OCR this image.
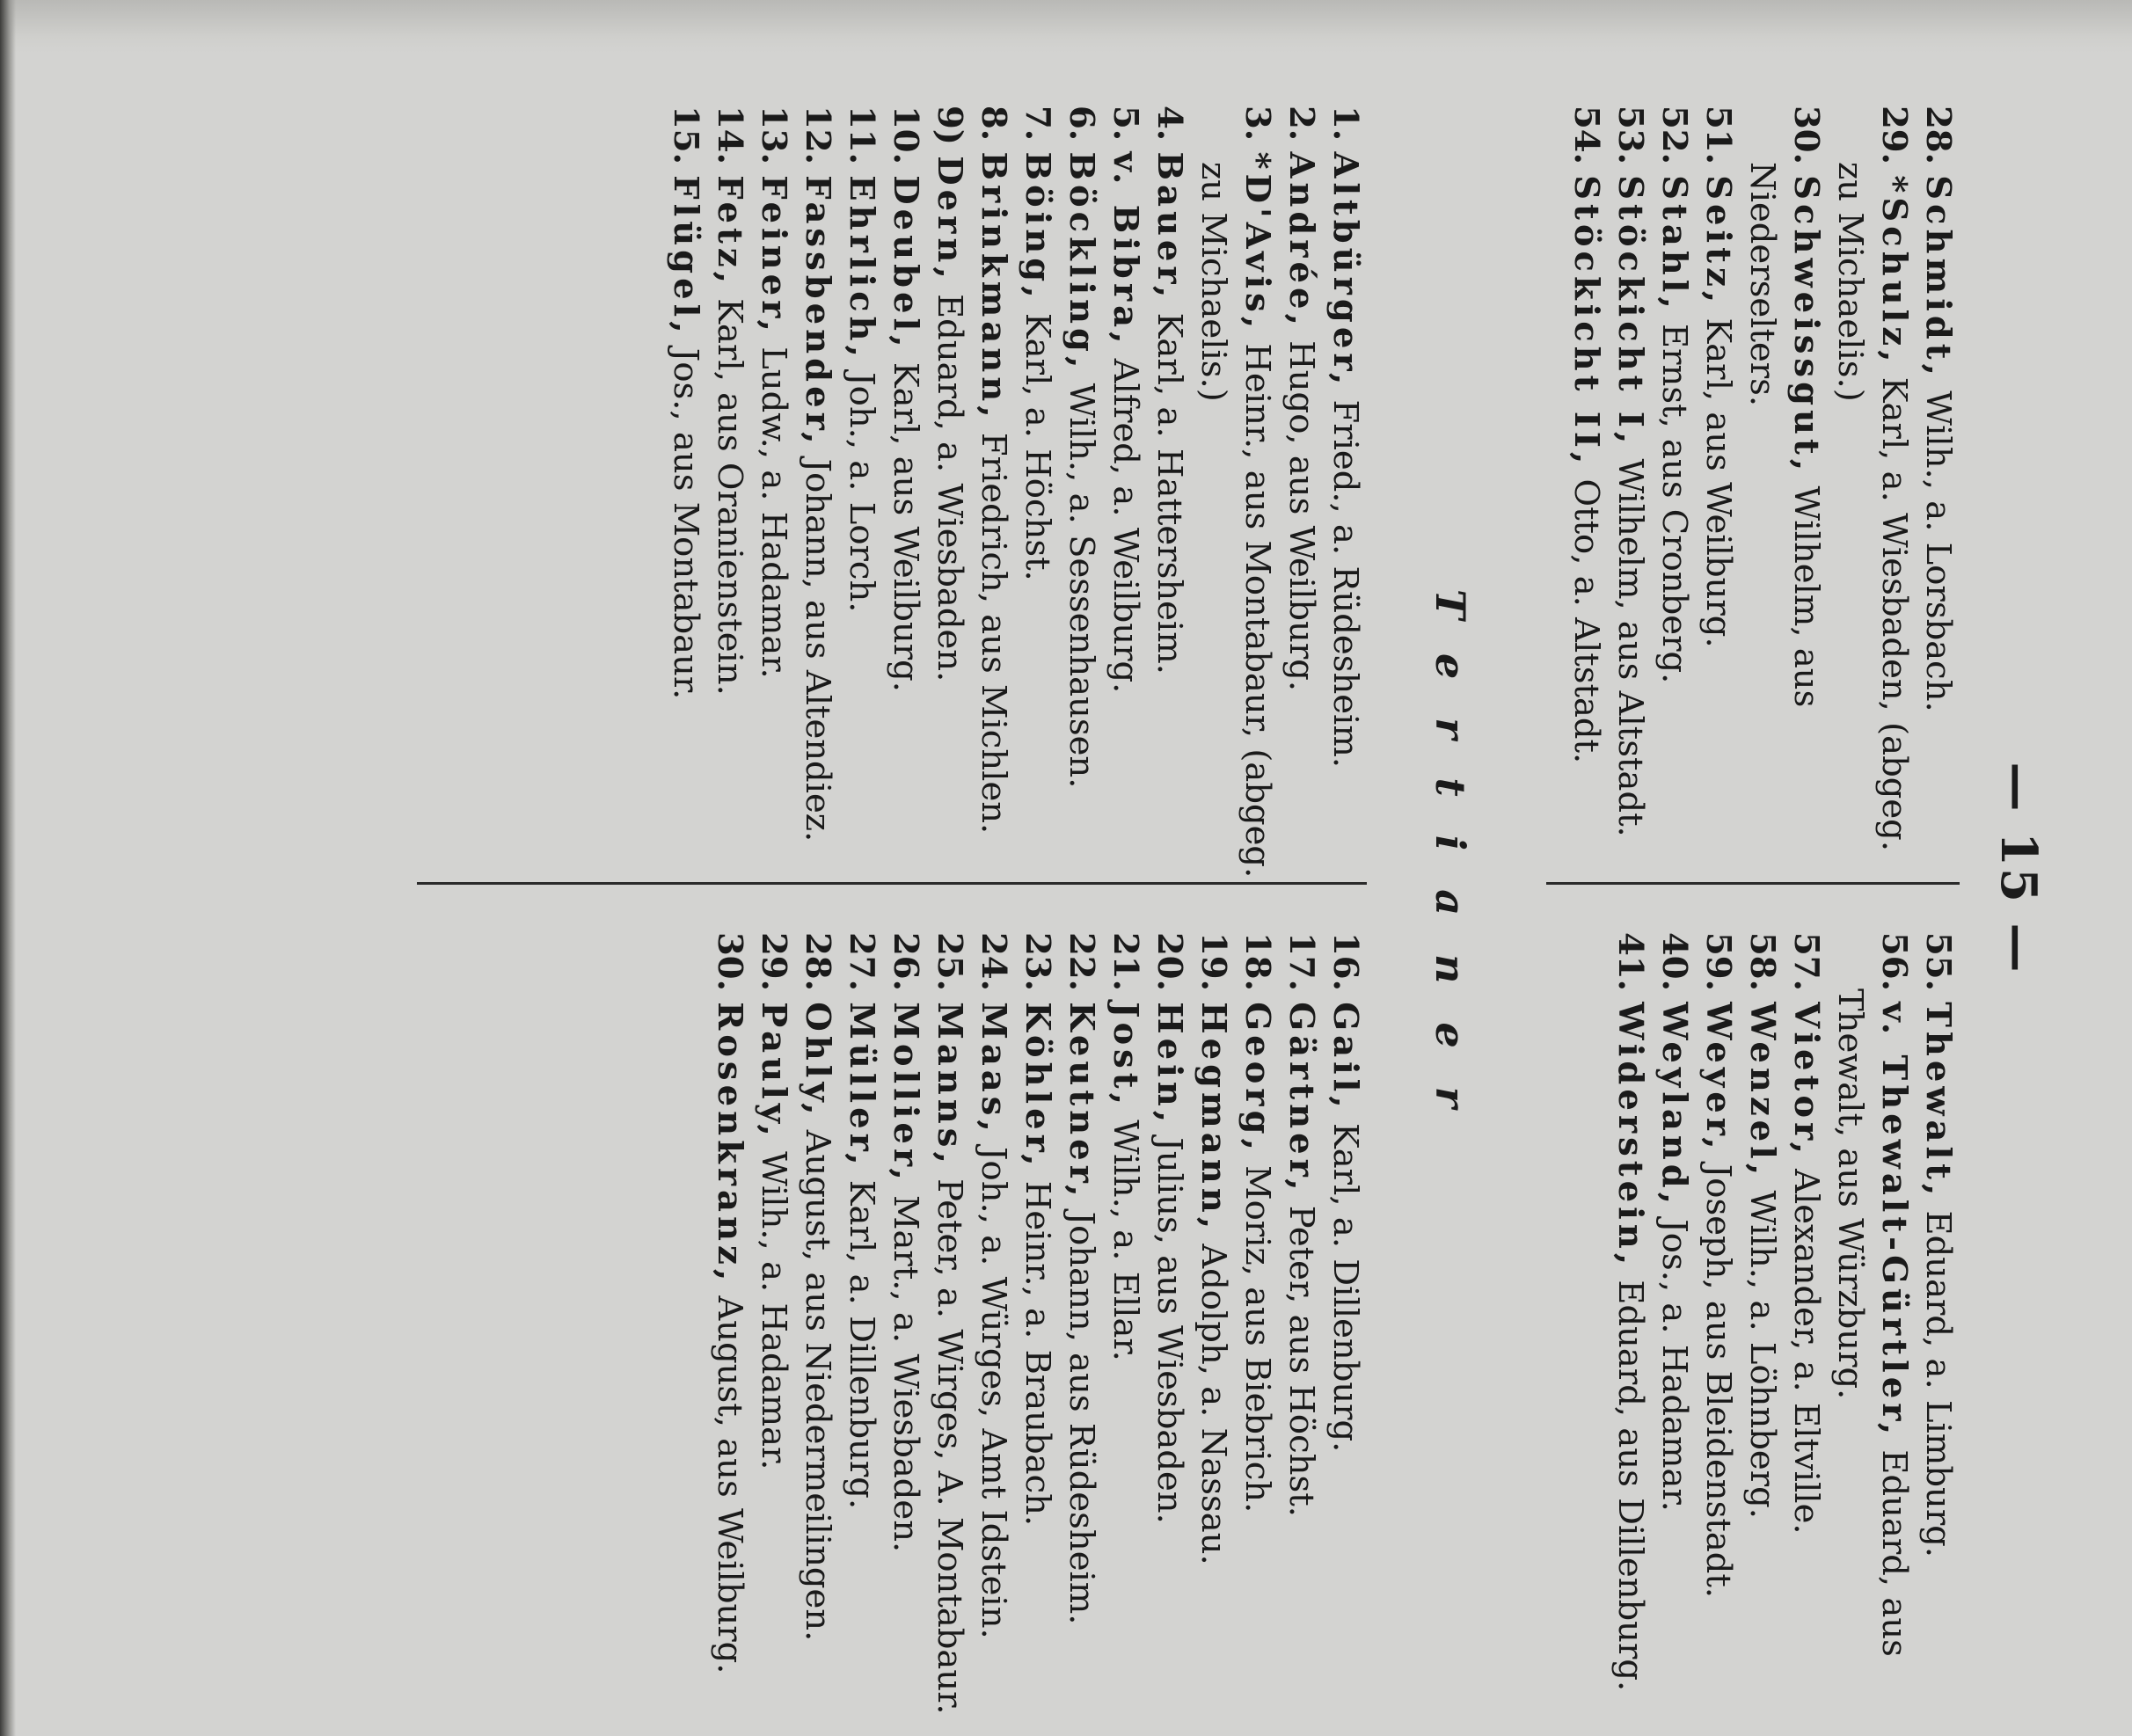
— 15 —
28. Schmidt, Wilh., a. Lorsbach.
29. *Schulz, Karl, a. Wiesbaden, (abgeg. zu Michaelis.)
30. Schweissgut, Wilhelm, aus Niederselters.
51. Seitz, Karl, aus Weilburg.
52. Stahl, Ernst, aus Cronberg.
53. Stöckicht I, Wilhelm, aus Altstadt.
54. Stöckicht II, Otto, a. Altstadt.
55. Thewalt, Eduard, a. Limburg.
56. v. Thewalt-Gürtler, Eduard, aus Thewalt, aus Würzburg.
57. Vietor, Alexander, a. Eltville.
58. Wenzel, Wilh., a. Löhnberg.
59. Weyer, Joseph, aus Bleidenstadt.
40. Weyland, Jos., a. Hadamar.
41. Widerstein, Eduard, aus Dillenburg.
Tertianer
1. Altbürger, Fried., a. Rüdesheim.
2. Andrée, Hugo, aus Weilburg.
3. *D'Avis, Heinr., aus Montabaur, (abgeg. zu Michaelis.)
4. Bauer, Karl, a. Hattersheim.
5. v. Bibra, Alfred, a. Weilburg.
6. Böckling, Wilh., a. Sessenhausen.
7. Böing, Karl, a. Höchst.
8. Brinkmann, Friedrich, aus Michlen.
9) Dern, Eduard, a. Wiesbaden.
10. Deubel, Karl, aus Weilburg.
11. Ehrlich, Joh., a. Lorch.
12. Fassbender, Johann, aus Altendiez.
13. Feiner, Ludw., a. Hadamar.
14. Fetz, Karl, aus Oranienstein.
15. Flügel, Jos., aus Montabaur.
16. Gail, Karl, a. Dillenburg.
17. Gärtner, Peter, aus Höchst.
18. Georg, Moriz, aus Biebrich.
19. Hegmann, Adolph, a. Nassau.
20. Hein, Julius, aus Wiesbaden.
21. Jost, Wilh., a. Ellar.
22. Keutner, Johann, aus Rüdesheim.
23. Köhler, Heinr., a. Braubach.
24. Maas, Joh., a. Würges, Amt Idstein.
25. Manns, Peter, a. Wirges, A. Montabaur.
26. Mollier, Mart., a. Wiesbaden.
27. Müller, Karl, a. Dillenburg.
28. Ohly, August, aus Niedermeilingen.
29. Pauly, Wilh., a. Hadamar.
30. Rosenkranz, August, aus Weilburg.
